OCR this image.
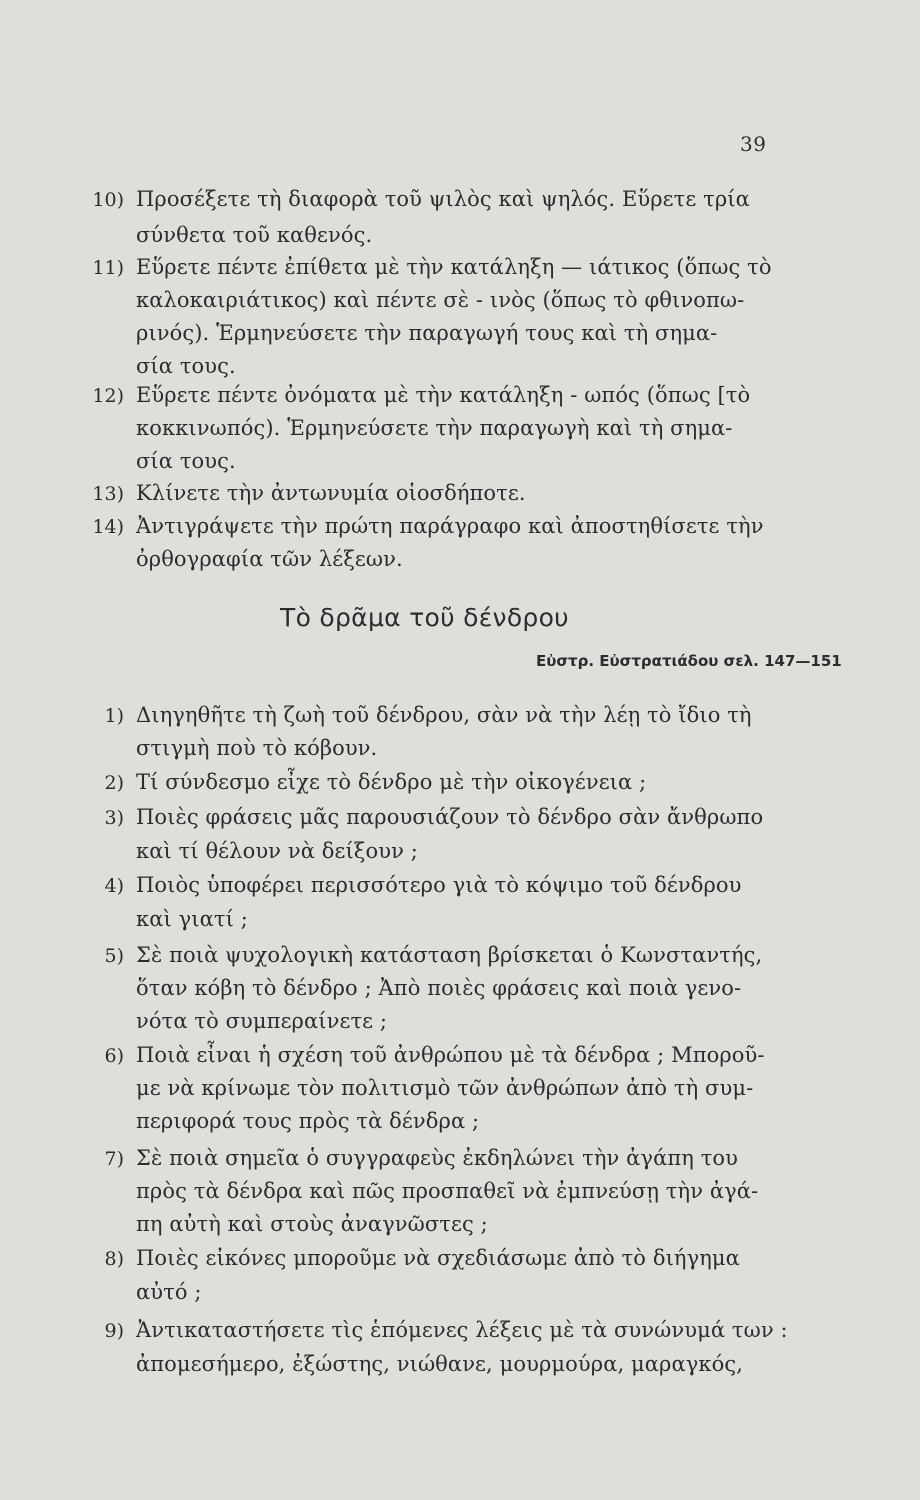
39
10) Προσέξετε τὴ διαφορὰ τοῦ ψιλὸς καὶ ψηλός. Εὕρετε τρία
σύνθετα τοῦ καθενός.
11) Εὕρετε πέντε ἐπίθετα μὲ τὴν κατάληξη — ιάτικος (ὅπως τὸ
καλοκαιριάτικος) καὶ πέντε σὲ - ινὸς (ὅπως τὸ φθινοπω-
ρινός). Ἑρμηνεύσετε τὴν παραγωγή τους καὶ τὴ σημα-
σία τους.
12) Εὕρετε πέντε ὀνόματα μὲ τὴν κατάληξη - ωπός (ὅπως [τὸ
κοκκινωπός). Ἑρμηνεύσετε τὴν παραγωγὴ καὶ τὴ σημα-
σία τους.
13) Κλίνετε τὴν ἀντωνυμία οἱοσδήποτε.
14) Ἀντιγράψετε τὴν πρώτη παράγραφο καὶ ἀποστηθίσετε τὴν
ὀρθογραφία τῶν λέξεων.
Τὸ δρᾶμα τοῦ δένδρου
Εὐστρ. Εὐστρατιάδου σελ. 147—151
1) Διηγηθῆτε τὴ ζωὴ τοῦ δένδρου, σὰν νὰ τὴν λέῃ τὸ ἴδιο τὴ
στιγμὴ ποὺ τὸ κόβουν.
2) Τί σύνδεσμο εἶχε τὸ δένδρο μὲ τὴν οἰκογένεια ;
3) Ποιὲς φράσεις μᾶς παρουσιάζουν τὸ δένδρο σὰν ἄνθρωπο
καὶ τί θέλουν νὰ δείξουν ;
4) Ποιὸς ὑποφέρει περισσότερο γιὰ τὸ κόψιμο τοῦ δένδρου
καὶ γιατί ;
5) Σὲ ποιὰ ψυχολογικὴ κατάσταση βρίσκεται ὁ Κωνσταντής,
ὅταν κόβη τὸ δένδρο ; Ἀπὸ ποιὲς φράσεις καὶ ποιὰ γενο-
νότα τὸ συμπεραίνετε ;
6) Ποιὰ εἶναι ἡ σχέση τοῦ ἀνθρώπου μὲ τὰ δένδρα ; Μποροῦ-
με νὰ κρίνωμε τὸν πολιτισμὸ τῶν ἀνθρώπων ἀπὸ τὴ συμ-
περιφορά τους πρὸς τὰ δένδρα ;
7) Σὲ ποιὰ σημεῖα ὁ συγγραφεὺς ἐκδηλώνει τὴν ἀγάπη του
πρὸς τὰ δένδρα καὶ πῶς προσπαθεῖ νὰ ἐμπνεύσῃ τὴν ἀγά-
πη αὐτὴ καὶ στοὺς ἀναγνῶστες ;
8) Ποιὲς εἰκόνες μποροῦμε νὰ σχεδιάσωμε ἀπὸ τὸ διήγημα
αὐτό ;
9) Ἀντικαταστήσετε τὶς ἑπόμενες λέξεις μὲ τὰ συνώνυμά των :
ἀπομεσήμερο, ἐξώστης, νιώθανε, μουρμούρα, μαραγκός,
